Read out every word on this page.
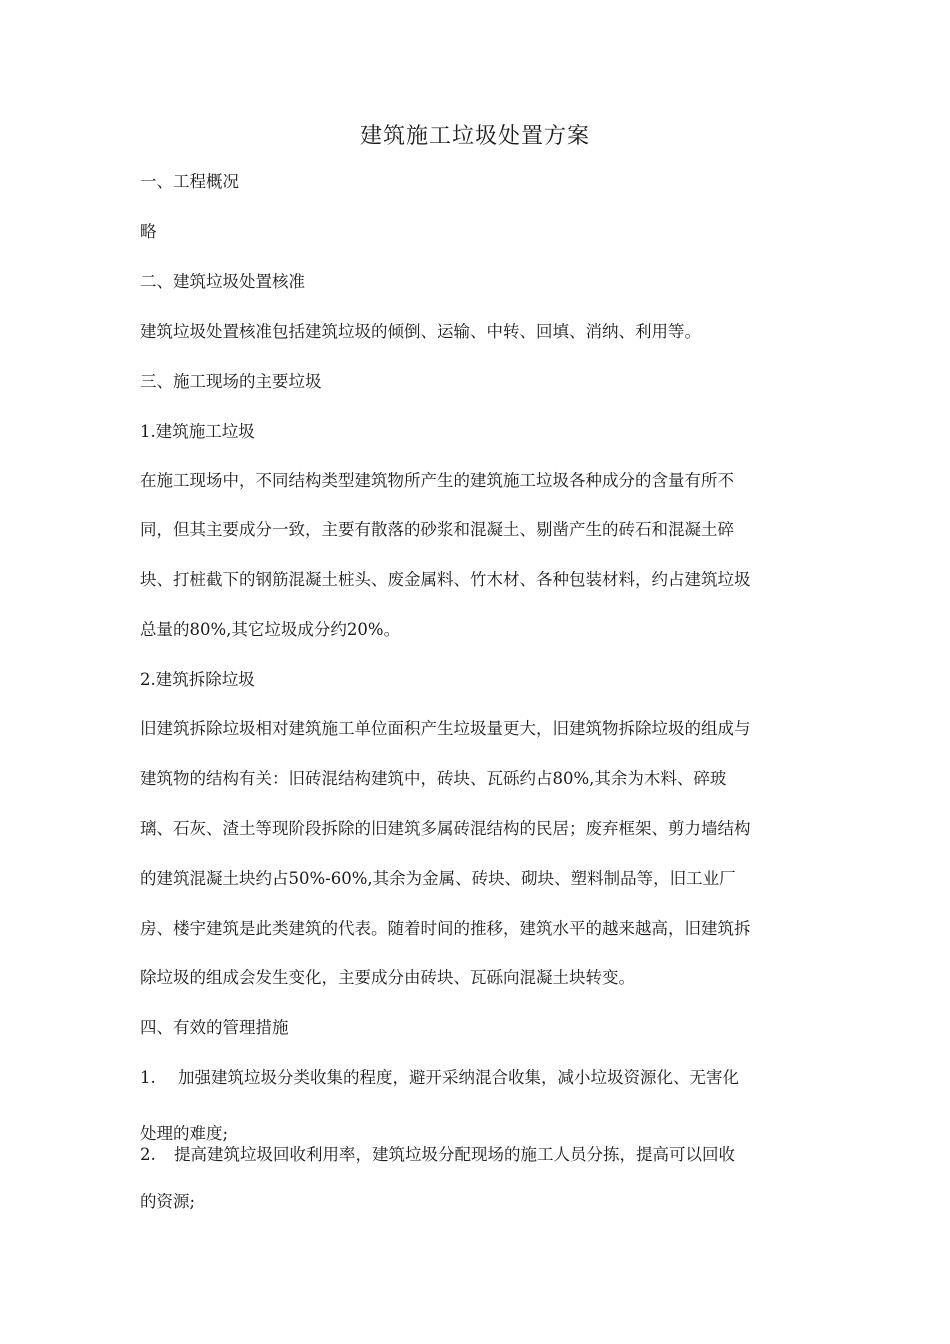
建筑施工垃圾处置方案
一、工程概况
略
二、建筑垃圾处置核准
建筑垃圾处置核准包括建筑垃圾的倾倒、运输、中转、回填、消纳、利用等。
三、施工现场的主要垃圾
1.建筑施工垃圾
在施工现场中，不同结构类型建筑物所产生的建筑施工垃圾各种成分的含量有所不
同，但其主要成分一致，主要有散落的砂浆和混凝土、剔凿产生的砖石和混凝土碎
块、打桩截下的钢筋混凝土桩头、废金属料、竹木材、各种包装材料，约占建筑垃圾
总量的80%,其它垃圾成分约20%。
2.建筑拆除垃圾
旧建筑拆除垃圾相对建筑施工单位面积产生垃圾量更大，旧建筑物拆除垃圾的组成与
建筑物的结构有关：旧砖混结构建筑中，砖块、瓦砾约占80%,其余为木料、碎玻
璃、石灰、渣土等现阶段拆除的旧建筑多属砖混结构的民居；废弃框架、剪力墙结构
的建筑混凝土块约占50%-60%,其余为金属、砖块、砌块、塑料制品等，旧工业厂
房、楼宇建筑是此类建筑的代表。随着时间的推移，建筑水平的越来越高，旧建筑拆
除垃圾的组成会发生变化，主要成分由砖块、瓦砾向混凝土块转变。
四、有效的管理措施
1. 加强建筑垃圾分类收集的程度，避开采纳混合收集，减小垃圾资源化、无害化
处理的难度;
2. 提高建筑垃圾回收利用率，建筑垃圾分配现场的施工人员分拣，提高可以回收
的资源;
